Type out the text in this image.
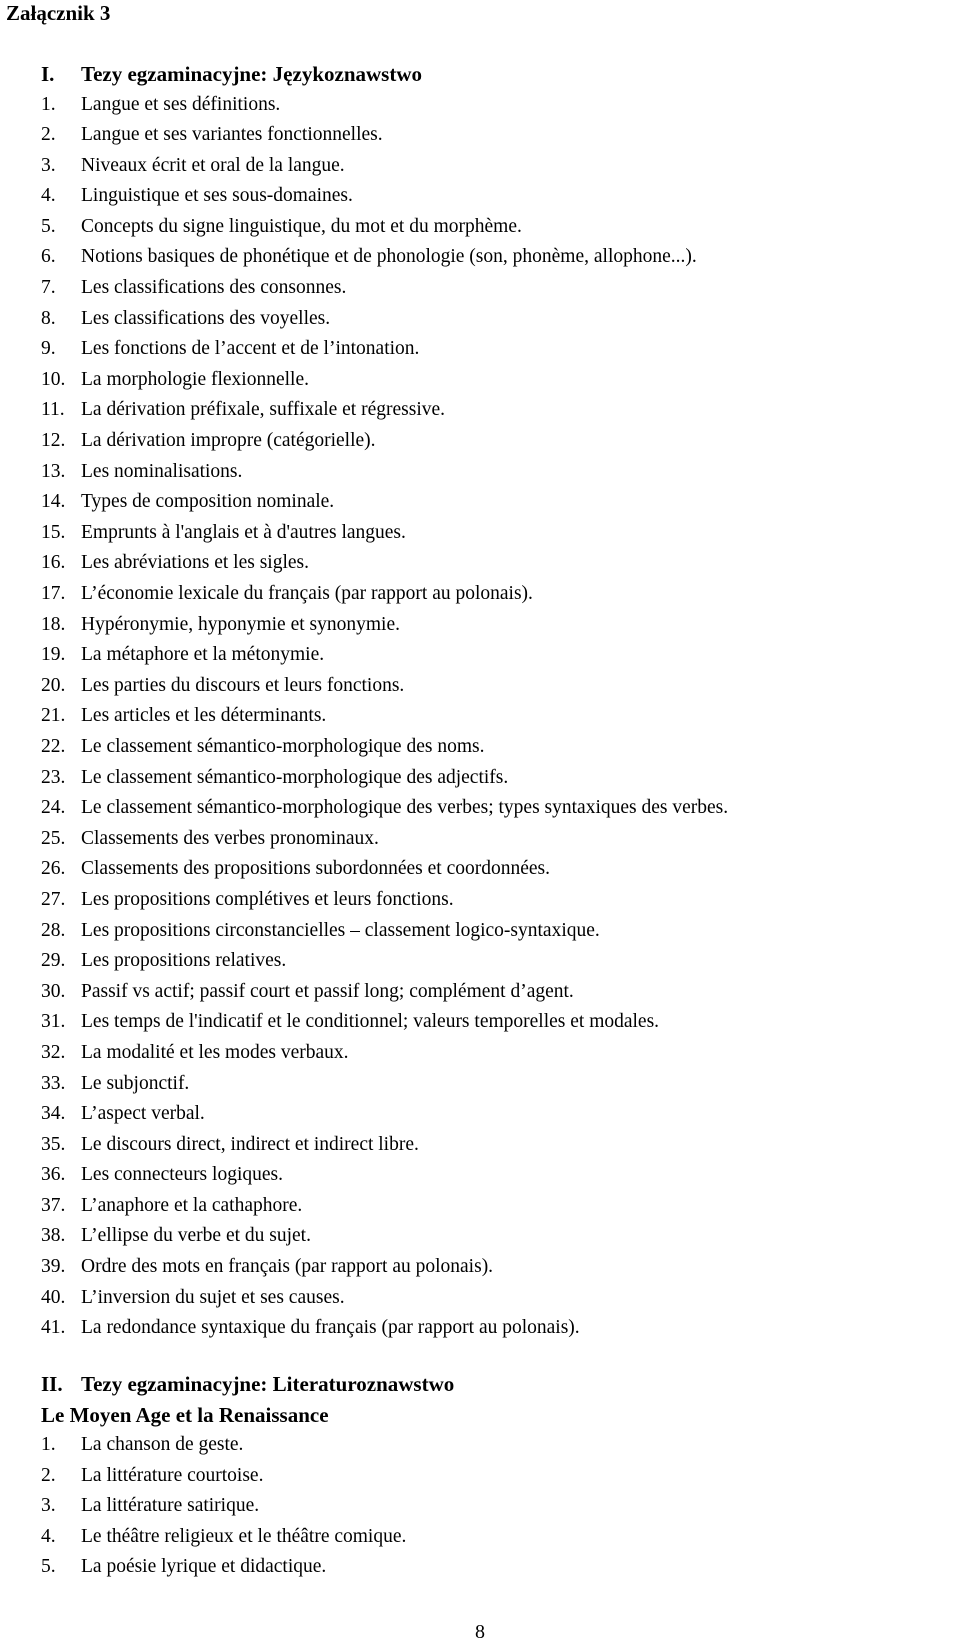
Załącznik 3
I.	Tezy egzaminacyjne: Językoznawstwo
1.	Langue et ses définitions.
2.	Langue et ses variantes fonctionnelles.
3.	Niveaux écrit et oral de la langue.
4.	Linguistique et ses sous-domaines.
5.	Concepts du signe linguistique, du mot et du morphème.
6.	Notions basiques de phonétique et de phonologie (son, phonème, allophone...).
7.	Les classifications des consonnes.
8.	Les classifications des voyelles.
9.	Les fonctions de l’accent et de l’intonation.
10. La morphologie flexionnelle.
11. La dérivation préfixale, suffixale et régressive.
12. La dérivation impropre (catégorielle).
13. Les nominalisations.
14. Types de composition nominale.
15. Emprunts à l'anglais et à d'autres langues.
16. Les abréviations et les sigles.
17. L’économie lexicale du français (par rapport au polonais).
18. Hypéronymie, hyponymie et synonymie.
19. La métaphore et la métonymie.
20. Les parties du discours et leurs fonctions.
21. Les articles et les déterminants.
22. Le classement sémantico-morphologique des noms.
23. Le classement sémantico-morphologique des adjectifs.
24. Le classement sémantico-morphologique des verbes; types syntaxiques des verbes.
25. Classements des verbes pronominaux.
26. Classements des propositions subordonnées et coordonnées.
27. Les propositions complétives et leurs fonctions.
28. Les propositions circonstancielles – classement logico-syntaxique.
29. Les propositions relatives.
30. Passif vs actif; passif court et passif long; complément d’agent.
31. Les temps de l'indicatif et le conditionnel; valeurs temporelles et modales.
32. La modalité et les modes verbaux.
33. Le subjonctif.
34. L’aspect verbal.
35. Le discours direct, indirect et indirect libre.
36. Les connecteurs logiques.
37. L’anaphore et la cathaphore.
38. L’ellipse du verbe et du sujet.
39. Ordre des mots en français (par rapport au polonais).
40. L’inversion du sujet et ses causes.
41. La redondance syntaxique du français (par rapport au polonais).
II. Tezy egzaminacyjne: Literaturoznawstwo
Le Moyen Age et la Renaissance
1.	La chanson de geste.
2.	La littérature courtoise.
3.	La littérature satirique.
4.	Le théâtre religieux et le théâtre comique.
5.	La poésie lyrique et didactique.
8
